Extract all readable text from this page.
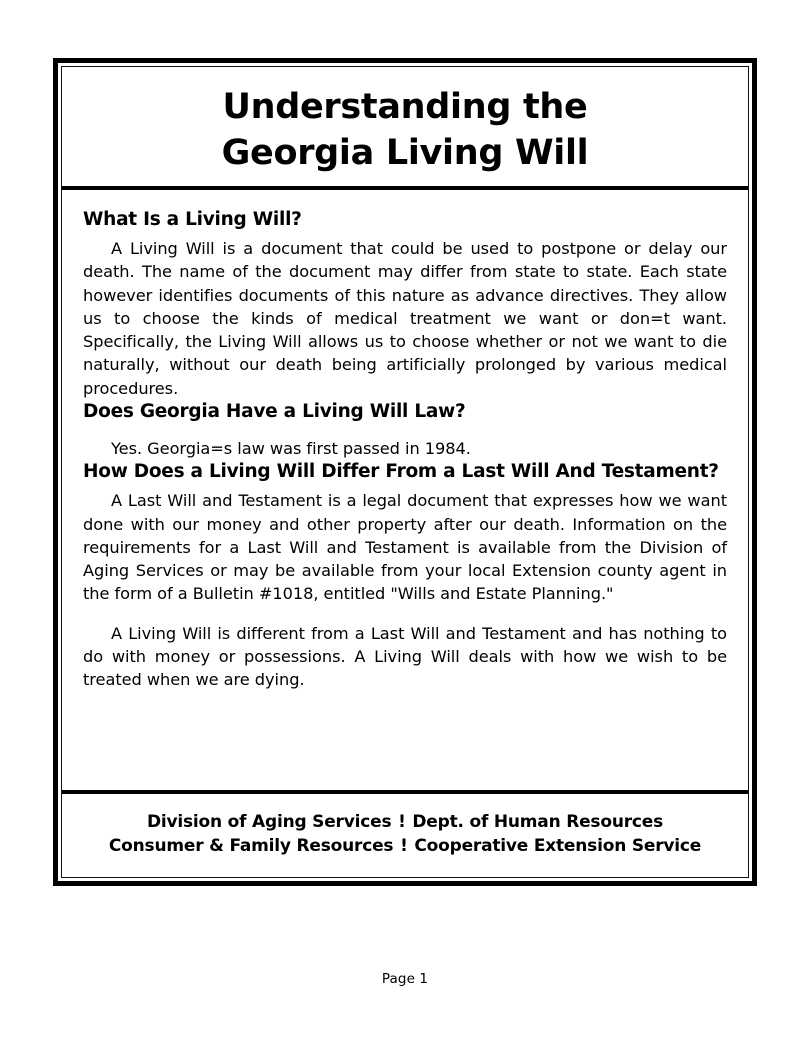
Understanding the
Georgia Living Will
What Is a Living Will?

A Living Will is a document that could be used to postpone or delay our death. The name of the document may differ from state to state. Each state however identifies documents of this nature as advance directives. They allow us to choose the kinds of medical treatment we want or don=t want. Specifically, the Living Will allows us to choose whether or not we want to die naturally, without our death being artificially prolonged by various medical procedures.

Does Georgia Have a Living Will Law?

Yes. Georgia=s law was first passed in 1984.

How Does a Living Will Differ From a Last Will And Testament?

A Last Will and Testament is a legal document that expresses how we want done with our money and other property after our death. Information on the requirements for a Last Will and Testament is available from the Division of Aging Services or may be available from your local Extension county agent in the form of a Bulletin #1018, entitled "Wills and Estate Planning."

A Living Will is different from a Last Will and Testament and has nothing to do with money or possessions. A Living Will deals with how we wish to be treated when we are dying.

Division of Aging Services ! Dept. of Human Resources Consumer & Family Resources ! Cooperative Extension Service
Page 1
